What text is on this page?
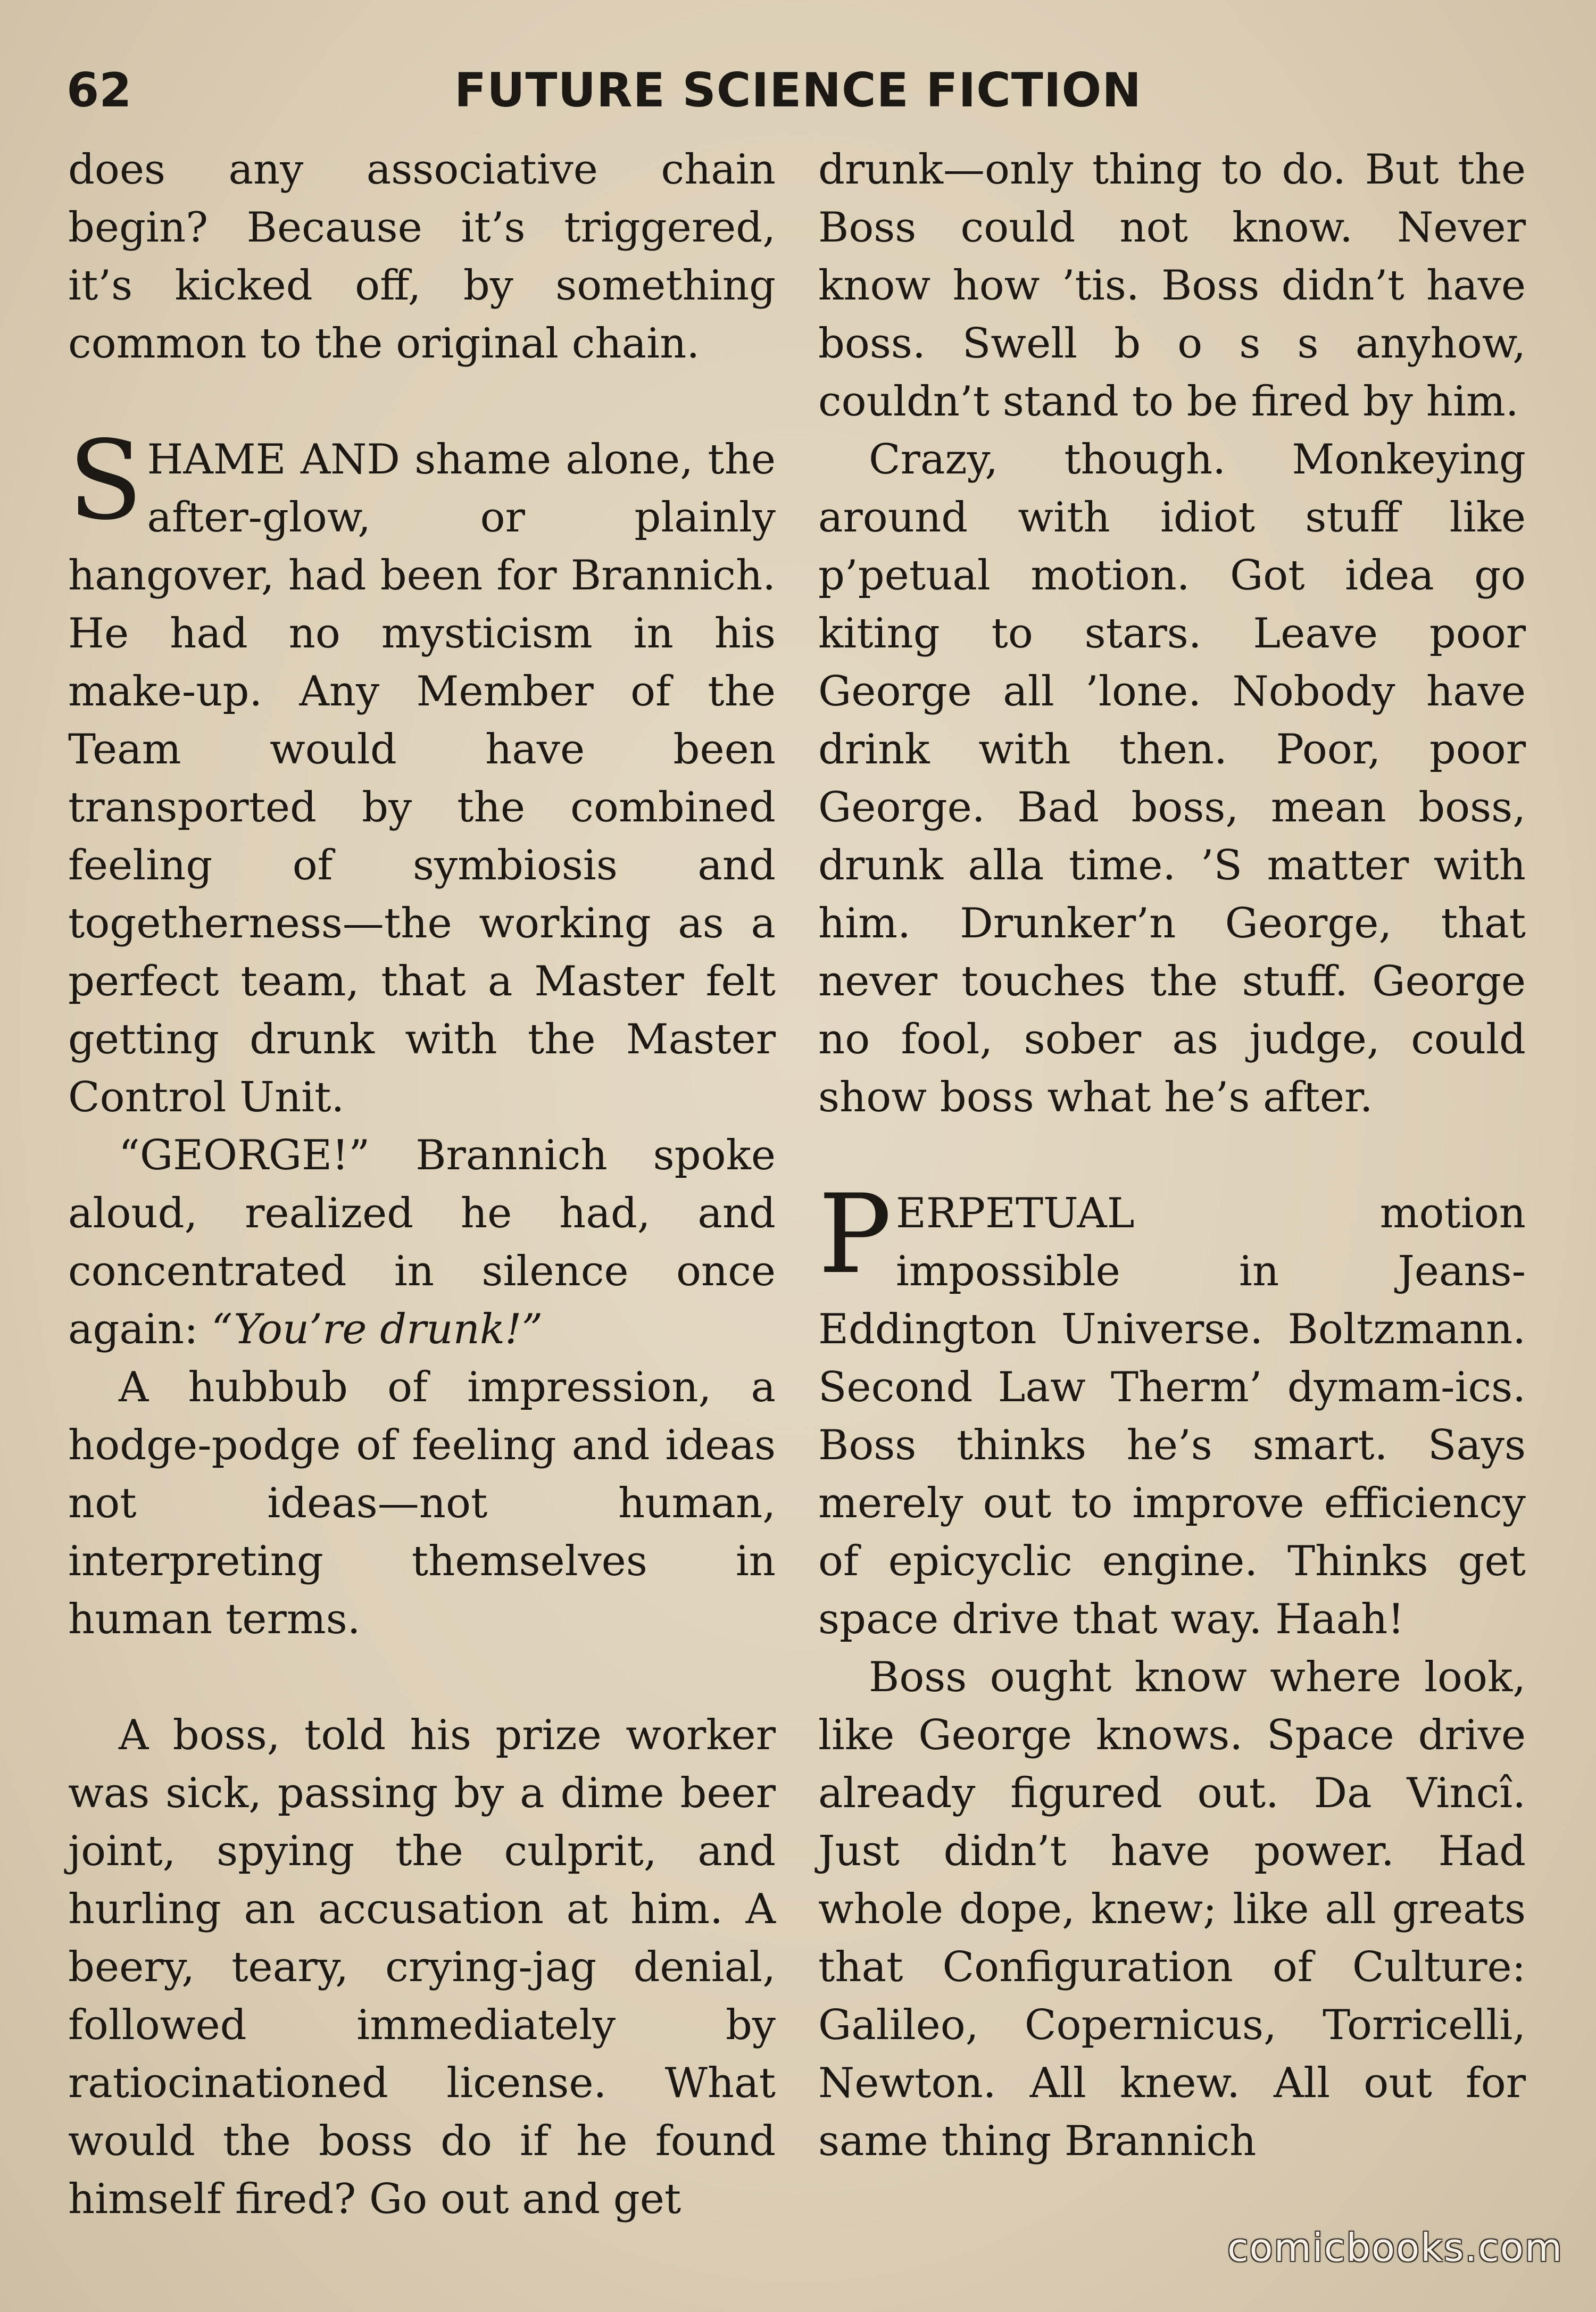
62	FUTURE SCIENCE FICTION

does any associative chain begin? Because it’s triggered, it’s kicked off, by something common to the original chain.

SHAME AND shame alone, the after-glow, or plainly hangover, had been for Brannich. He had no mysticism in his make-up. Any Member of the Team would have been transported by the combined feeling of symbiosis and togetherness—the working as a perfect team, that a Master felt getting drunk with the Master Control Unit.

“GEORGE!” Brannich spoke aloud, realized he had, and concentrated in silence once again: “You’re drunk!”

A hubbub of impression, a hodge-podge of feeling and ideas not ideas—not human, interpreting themselves in human terms.

A boss, told his prize worker was sick, passing by a dime beer joint, spying the culprit, and hurling an accusation at him. A beery, teary, crying-jag denial, followed immediately by ratiocinationed license. What would the boss do if he found himself fired? Go out and get

drunk—only thing to do. But the Boss could not know. Never know how ’tis. Boss didn’t have boss. Swell b o s s anyhow, couldn’t stand to be fired by him.

Crazy, though. Monkeying around with idiot stuff like p’petual motion. Got idea go kiting to stars. Leave poor George all ’lone. Nobody have drink with then. Poor, poor George. Bad boss, mean boss, drunk alla time. ’S matter with him. Drunker’n George, that never touches the stuff. George no fool, sober as judge, could show boss what he’s after.

PERPETUAL motion impossible in Jeans-Eddington Universe. Boltzmann. Second Law Therm’ dymam-ics. Boss thinks he’s smart. Says merely out to improve efficiency of epicyclic engine. Thinks get space drive that way. Haah!

Boss ought know where look, like George knows. Space drive already figured out. Da Vincî. Just didn’t have power. Had whole dope, knew; like all greats that Configuration of Culture: Galileo, Copernicus, Torricelli, Newton. All knew. All out for same thing Brannich

comicbooks.com
